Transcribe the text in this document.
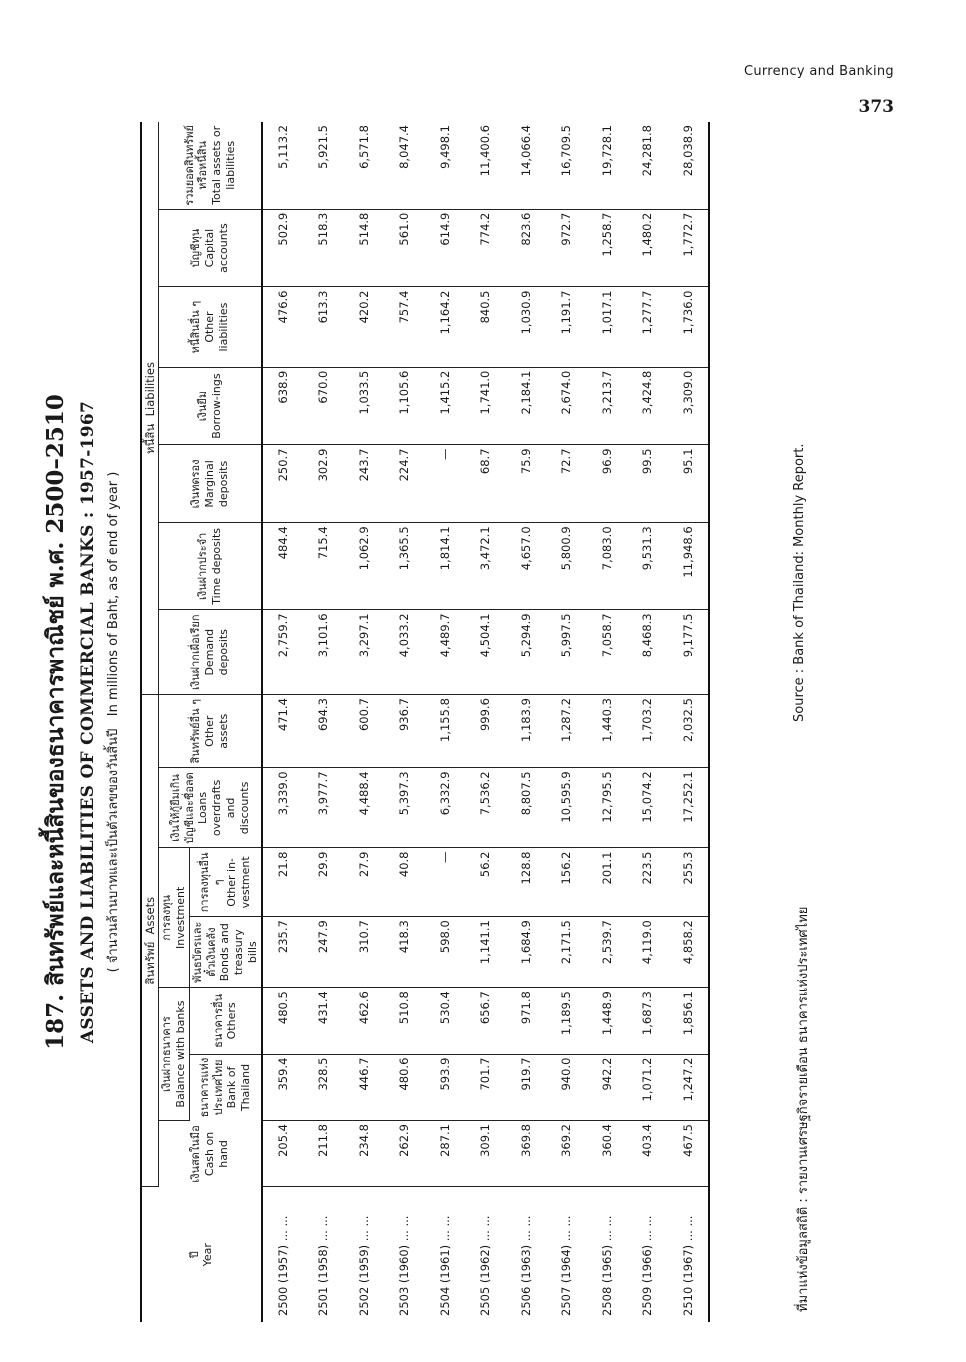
Currency and Banking
373
187. สินทรัพย์และหนี้สินของธนาคารพาณิชย์ พ.ศ. 2500–2510 ASSETS AND LIABILITIES OF COMMERCIAL BANKS : 1957-1967 ( จำนวนล้านบาทและเป็นตัวเลขของวันสิ้นปี   In millions of Baht, as of end of year )
ปี Year	สินทรัพย์  Assets							หนี้สิน  Liabilities						

	เงินสดในมือ Cash on hand	เงินฝากธนาคาร Balance with banks		การลงทุน Investment		เงินให้กู้ยืมเกินบัญชีและชื่อลด Loans overdrafts and discounts	สินทรัพย์อื่น ๆ Other assets	เงินฝากเผื่อเรียก Demand deposits	เงินฝากประจำ Time deposits	เงินทดรอง Marginal deposits	เงินยืม Borrow-ings	หนี้สินอื่น ๆ Other liabilities	บัญชีทุน Capital accounts	รวมยอดสินทรัพย์หรือหนี้สิน Total assets or liabilities

		ธนาคารแห่งประเทศไทย Bank of Thailand	ธนาคารอื่น Others	พันธบัตรและตั๋วเงินคลัง Bonds and treasury bills	การลงทุนอื่น ๆ Other in-vestment									

2500 (1957) ... ...	205.4	359.4	480.5	235.7	21.8	3,339.0	471.4	2,759.7	484.4	250.7	638.9	476.6	502.9	5,113.2
2501 (1958) ... ...	211.8	328.5	431.4	247.9	29.9	3,977.7	694.3	3,101.6	715.4	302.9	670.0	613.3	518.3	5,921.5
2502 (1959) ... ...	234.8	446.7	462.6	310.7	27.9	4,488.4	600.7	3,297.1	1,062.9	243.7	1,033.5	420.2	514.8	6,571.8
2503 (1960) ... ...	262.9	480.6	510.8	418.3	40.8	5,397.3	936.7	4,033.2	1,365.5	224.7	1,105.6	757.4	561.0	8,047.4
2504 (1961) ... ...	287.1	593.9	530.4	598.0	—	6,332.9	1,155.8	4,489.7	1,814.1	—	1,415.2	1,164.2	614.9	9,498.1
2505 (1962) ... ...	309.1	701.7	656.7	1,141.1	56.2	7,536.2	999.6	4,504.1	3,472.1	68.7	1,741.0	840.5	774.2	11,400.6
2506 (1963) ... ...	369.8	919.7	971.8	1,684.9	128.8	8,807.5	1,183.9	5,294.9	4,657.0	75.9	2,184.1	1,030.9	823.6	14,066.4
2507 (1964) ... ...	369.2	940.0	1,189.5	2,171.5	156.2	10,595.9	1,287.2	5,997.5	5,800.9	72.7	2,674.0	1,191.7	972.7	16,709.5
2508 (1965) ... ...	360.4	942.2	1,448.9	2,539.7	201.1	12,795.5	1,440.3	7,058.7	7,083.0	96.9	3,213.7	1,017.1	1,258.7	19,728.1
2509 (1966) ... ...	403.4	1,071.2	1,687.3	4,119.0	223.5	15,074.2	1,703.2	8,468.3	9,531.3	99.5	3,424.8	1,277.7	1,480.2	24,281.8
2510 (1967) ... ...	467.5	1,247.2	1,856.1	4,858.2	255.3	17,252.1	2,032.5	9,177.5	11,948.6	95.1	3,309.0	1,736.0	1,772.7	28,038.9
ที่มาแห่งข้อมูลสถิติ : รายงานเศรษฐกิจรายเดือน ธนาคารแห่งประเทศไทย
Source : Bank of Thailand: Monthly Report.
